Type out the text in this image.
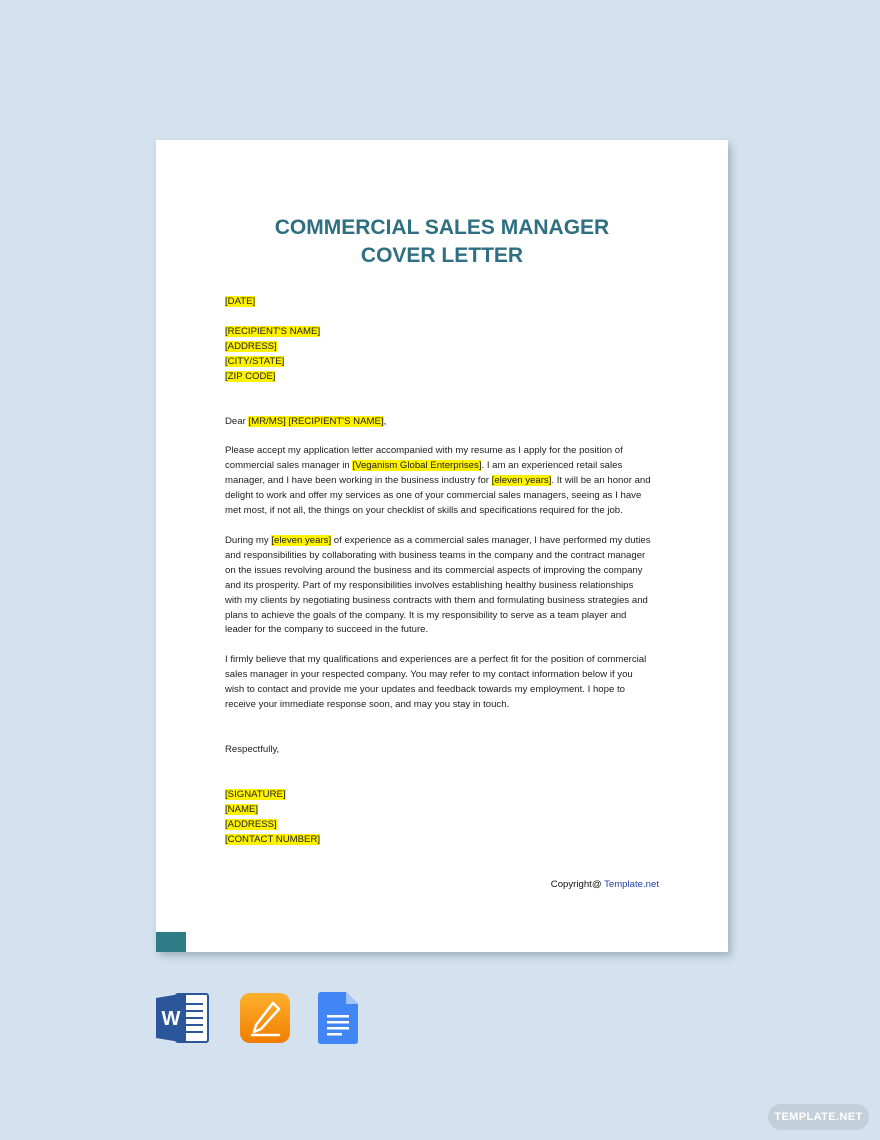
COMMERCIAL SALES MANAGER
COVER LETTER
[DATE]
[RECIPIENT'S NAME]
[ADDRESS]
[CITY/STATE]
[ZIP CODE]
Dear [MR/MS] [RECIPIENT'S NAME],
Please accept my application letter accompanied with my resume as I apply for the position of
commercial sales manager in [Veganism Global Enterprises]. I am an experienced retail sales
manager, and I have been working in the business industry for [eleven years]. It will be an honor and
delight to work and offer my services as one of your commercial sales managers, seeing as I have
met most, if not all, the things on your checklist of skills and specifications required for the job.
During my [eleven years] of experience as a commercial sales manager, I have performed my duties
and responsibilities by collaborating with business teams in the company and the contract manager
on the issues revolving around the business and its commercial aspects of improving the company
and its prosperity. Part of my responsibilities involves establishing healthy business relationships
with my clients by negotiating business contracts with them and formulating business strategies and
plans to achieve the goals of the company. It is my responsibility to serve as a team player and
leader for the company to succeed in the future.
I firmly believe that my qualifications and experiences are a perfect fit for the position of commercial
sales manager in your respected company. You may refer to my contact information below if you
wish to contact and provide me your updates and feedback towards my employment. I hope to
receive your immediate response soon, and may you stay in touch.
Respectfully,
[SIGNATURE]
[NAME]
[ADDRESS]
[CONTACT NUMBER]
Copyright@ Template.net
W
TEMPLATE.NET
